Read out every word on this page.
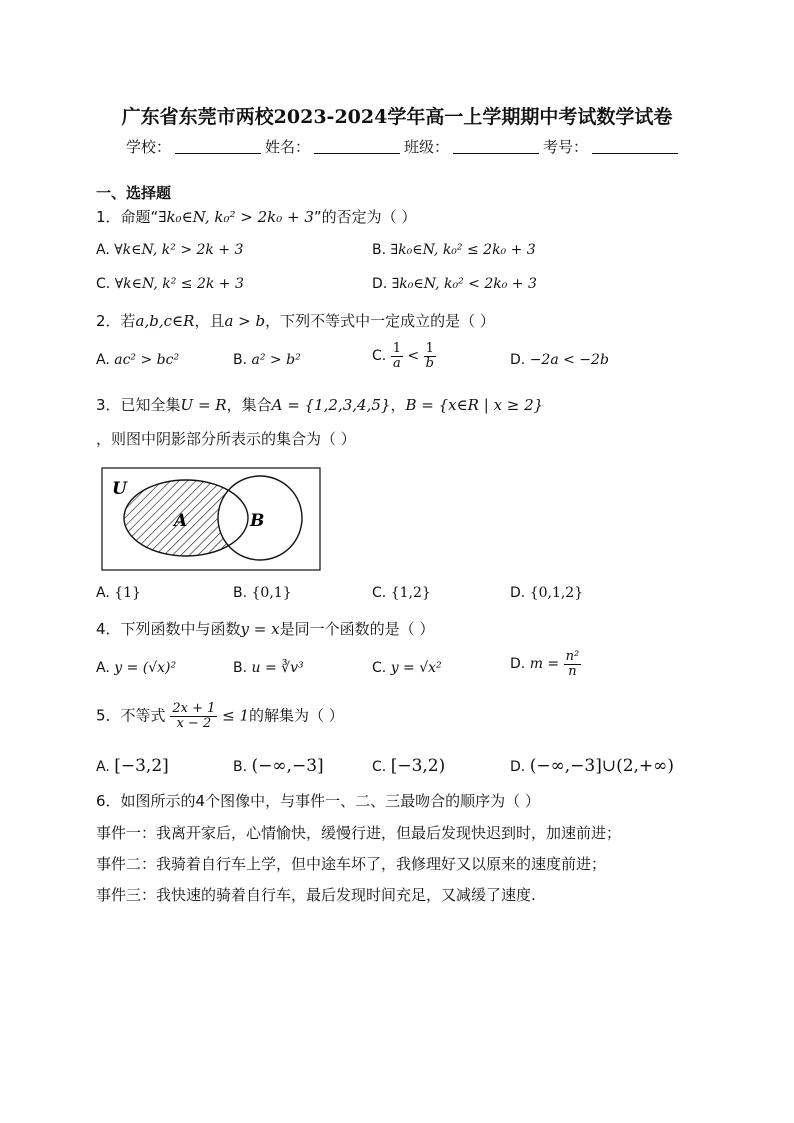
广东省东莞市两校2023-2024学年高一上学期期中考试数学试卷
学校：	姓名：	班级：	考号：
一、选择题
1．命题“∃k₀∈N, k₀² > 2k₀ + 3”的否定为（ ）
A. ∀k∈N, k² > 2k + 3	B. ∃k₀∈N, k₀² ≤ 2k₀ + 3
C. ∀k∈N, k² ≤ 2k + 3	D. ∃k₀∈N, k₀² < 2k₀ + 3
2．若a,b,c∈R，且a > b，下列不等式中一定成立的是（ ）
A. ac² > bc²	B. a² > b²	C. $\frac{1}{a} < \frac{1}{b}$	D. −2a < −2b
3．已知全集U = R，集合A = {1,2,3,4,5}，B = {x∈R | x ≥ 2}
，则图中阴影部分所表示的集合为（ ）
U
A	B
A. {1}	B. {0,1}	C. {1,2}	D. {0,1,2}
4．下列函数中与函数y = x是同一个函数的是（ ）
A. y = (√x)²	B. u = ∛v³	C. y = √x²	D. $m = \frac{\text{n²}}{n}$
5．不等式 $\frac{2x + 1}{x - 2} \le 1$的解集为（ ）
A. [−3,2]	B. (−∞,−3]	C. [−3,2)	D. (−∞,−3]∪(2,+∞)
6．如图所示的4个图像中，与事件一、二、三最吻合的顺序为（ ）
事件一：我离开家后，心情愉快，缓慢行进，但最后发现快迟到时，加速前进；
事件二：我骑着自行车上学，但中途车坏了，我修理好又以原来的速度前进；
事件三：我快速的骑着自行车，最后发现时间充足，又减缓了速度.
